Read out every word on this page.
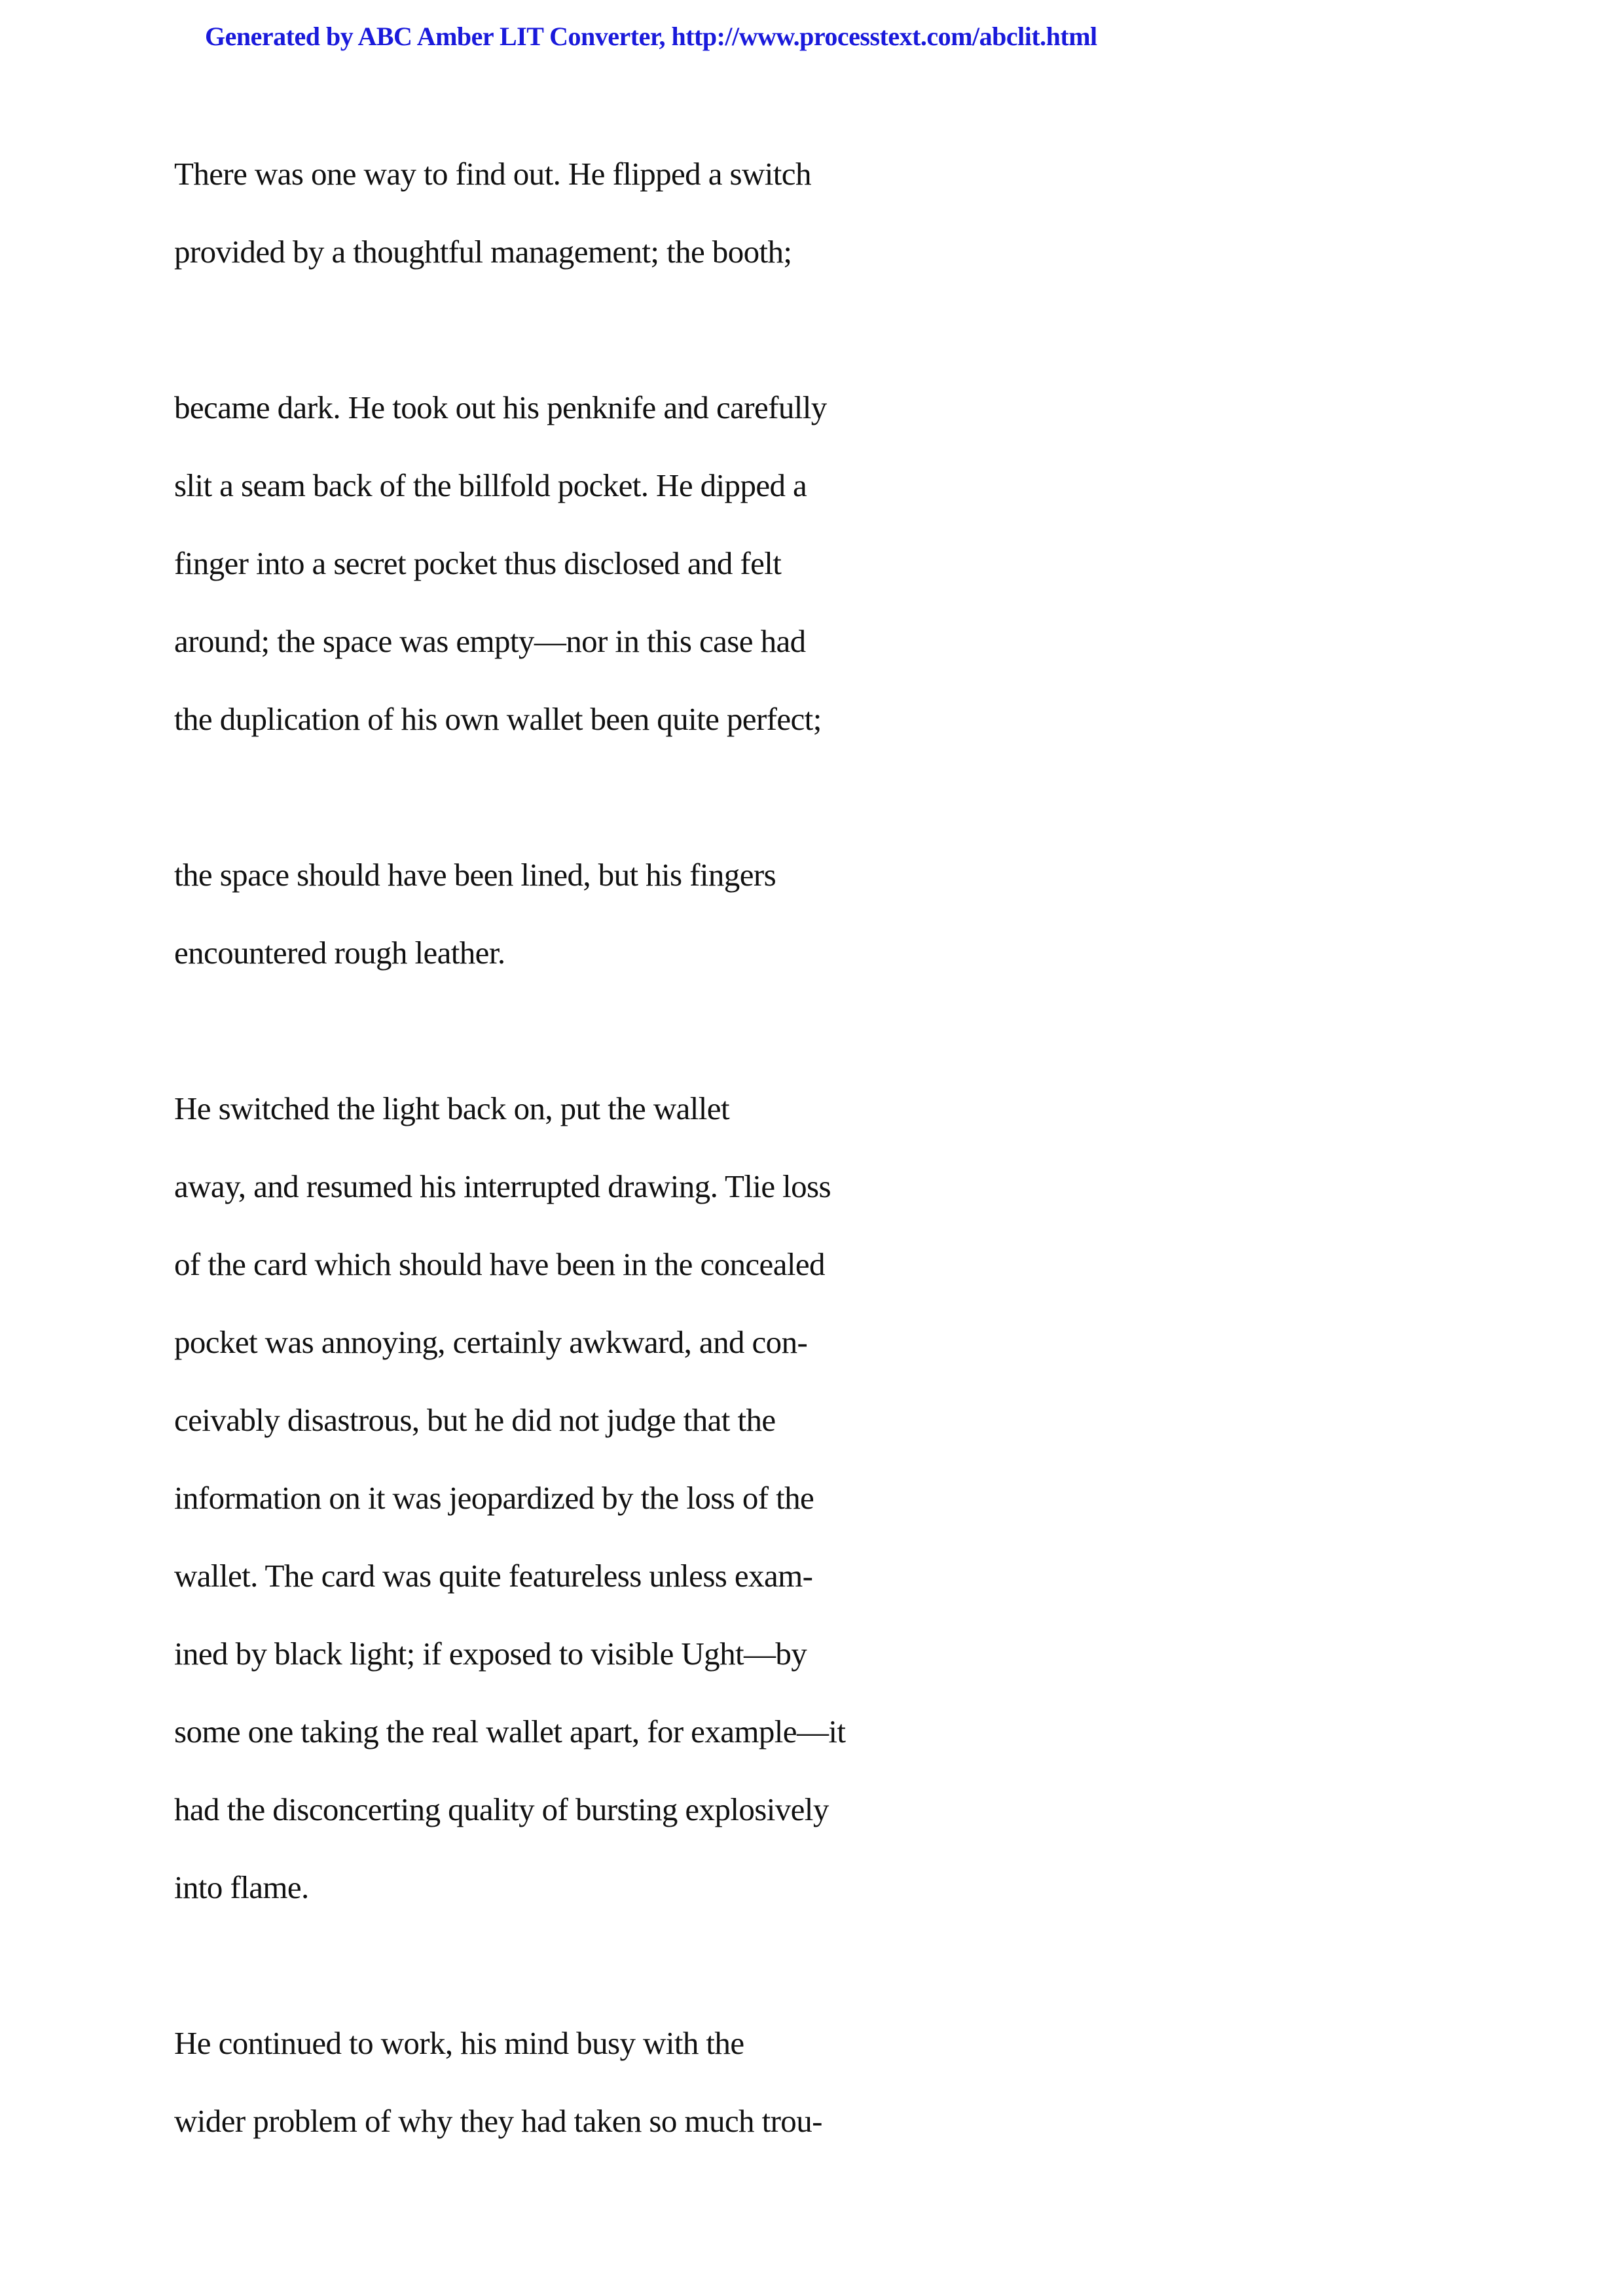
Generated by ABC Amber LIT Converter, http://www.processtext.com/abclit.html
There was one way to find out. He flipped a switch
provided by a thoughtful management; the booth;
became dark. He took out his penknife and carefully
slit a seam back of the billfold pocket. He dipped a
finger into a secret pocket thus disclosed and felt
around; the space was empty—nor in this case had
the duplication of his own wallet been quite perfect;
the space should have been lined, but his fingers
encountered rough leather.
He switched the light back on, put the wallet
away, and resumed his interrupted drawing. Tlie loss
of the card which should have been in the concealed
pocket was annoying, certainly awkward, and con-
ceivably disastrous, but he did not judge that the
information on it was jeopardized by the loss of the
wallet. The card was quite featureless unless exam-
ined by black light; if exposed to visible Ught—by
some one taking the real wallet apart, for example—it
had the disconcerting quality of bursting explosively
into flame.
He continued to work, his mind busy with the
wider problem of why they had taken so much trou-
